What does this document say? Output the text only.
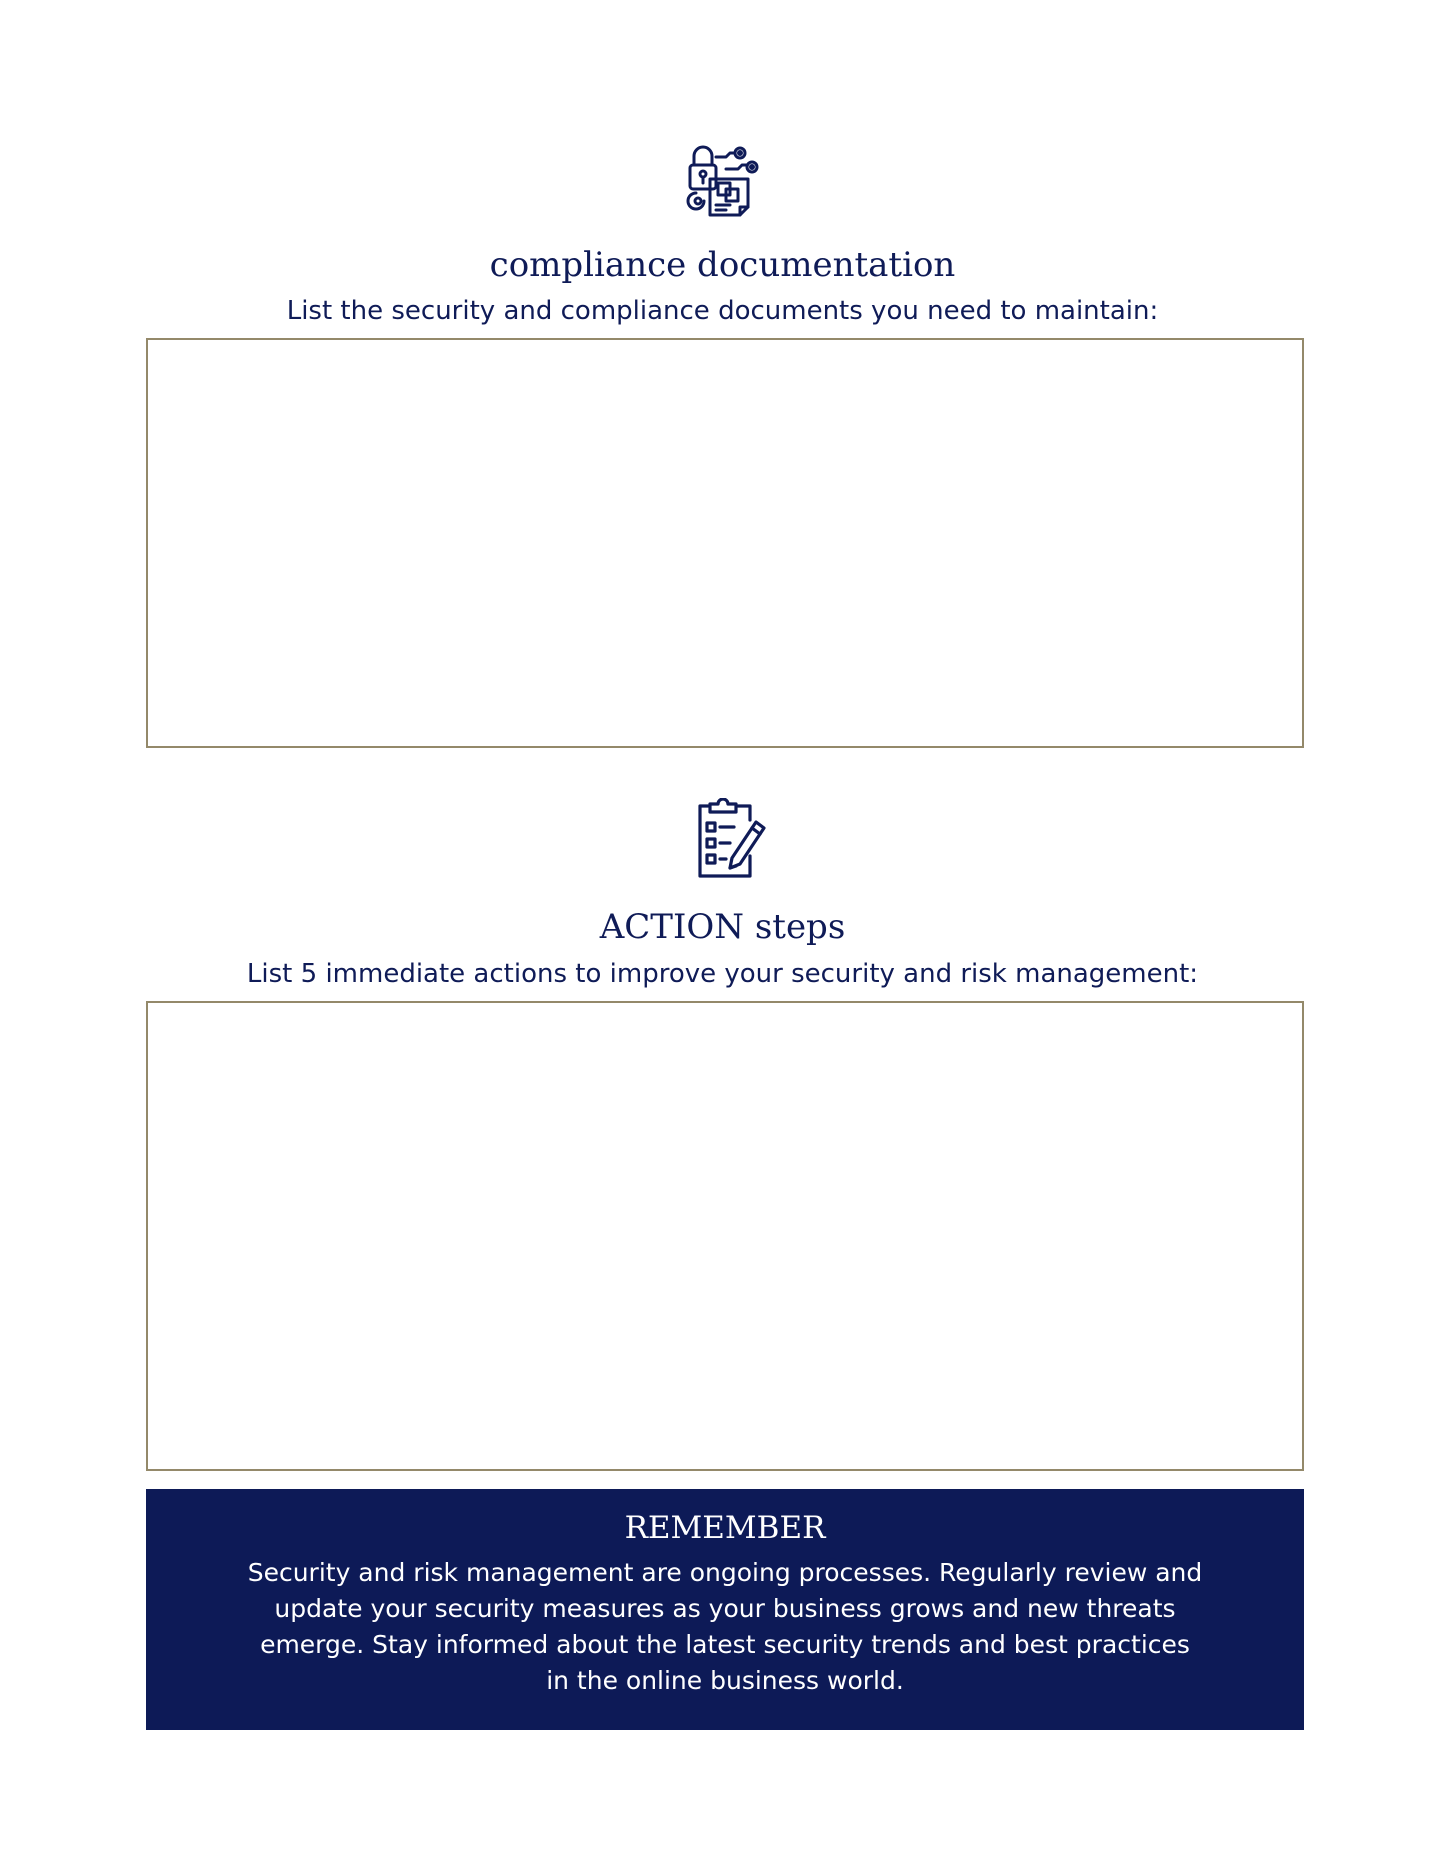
compliance documentation
List the security and compliance documents you need to maintain:
ACTION steps
List 5 immediate actions to improve your security and risk management:
REMEMBER
Security and risk management are ongoing processes. Regularly review and update your security measures as your business grows and new threats emerge. Stay informed about the latest security trends and best practices in the online business world.
